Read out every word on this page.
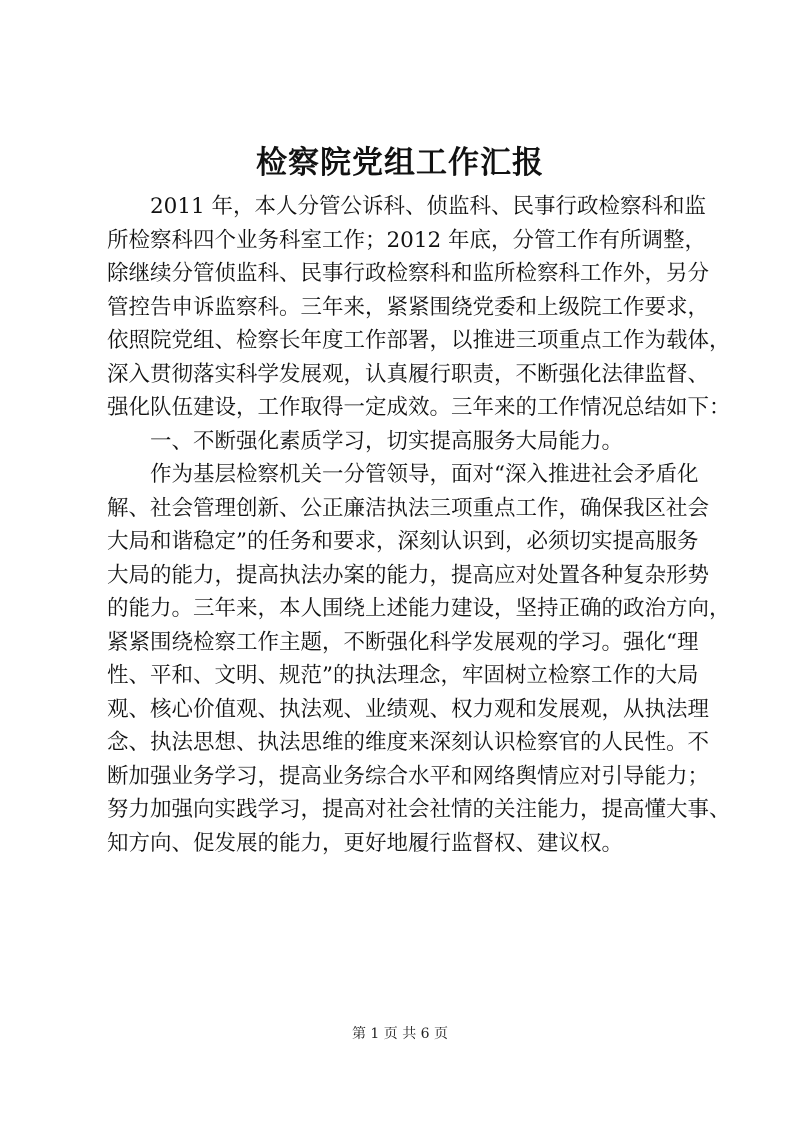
检察院党组工作汇报
2011 年，本人分管公诉科、侦监科、民事行政检察科和监
所检察科四个业务科室工作；2012 年底，分管工作有所调整，
除继续分管侦监科、民事行政检察科和监所检察科工作外，另分
管控告申诉监察科。三年来，紧紧围绕党委和上级院工作要求，
依照院党组、检察长年度工作部署，以推进三项重点工作为载体，
深入贯彻落实科学发展观，认真履行职责，不断强化法律监督、
强化队伍建设，工作取得一定成效。三年来的工作情况总结如下：
一、不断强化素质学习，切实提高服务大局能力。
作为基层检察机关一分管领导，面对“深入推进社会矛盾化
解、社会管理创新、公正廉洁执法三项重点工作，确保我区社会
大局和谐稳定”的任务和要求，深刻认识到，必须切实提高服务
大局的能力，提高执法办案的能力，提高应对处置各种复杂形势
的能力。三年来，本人围绕上述能力建设，坚持正确的政治方向，
紧紧围绕检察工作主题，不断强化科学发展观的学习。强化“理
性、平和、文明、规范”的执法理念，牢固树立检察工作的大局
观、核心价值观、执法观、业绩观、权力观和发展观，从执法理
念、执法思想、执法思维的维度来深刻认识检察官的人民性。不
断加强业务学习，提高业务综合水平和网络舆情应对引导能力；
努力加强向实践学习，提高对社会社情的关注能力，提高懂大事、
知方向、促发展的能力，更好地履行监督权、建议权。
第 1 页 共 6 页
